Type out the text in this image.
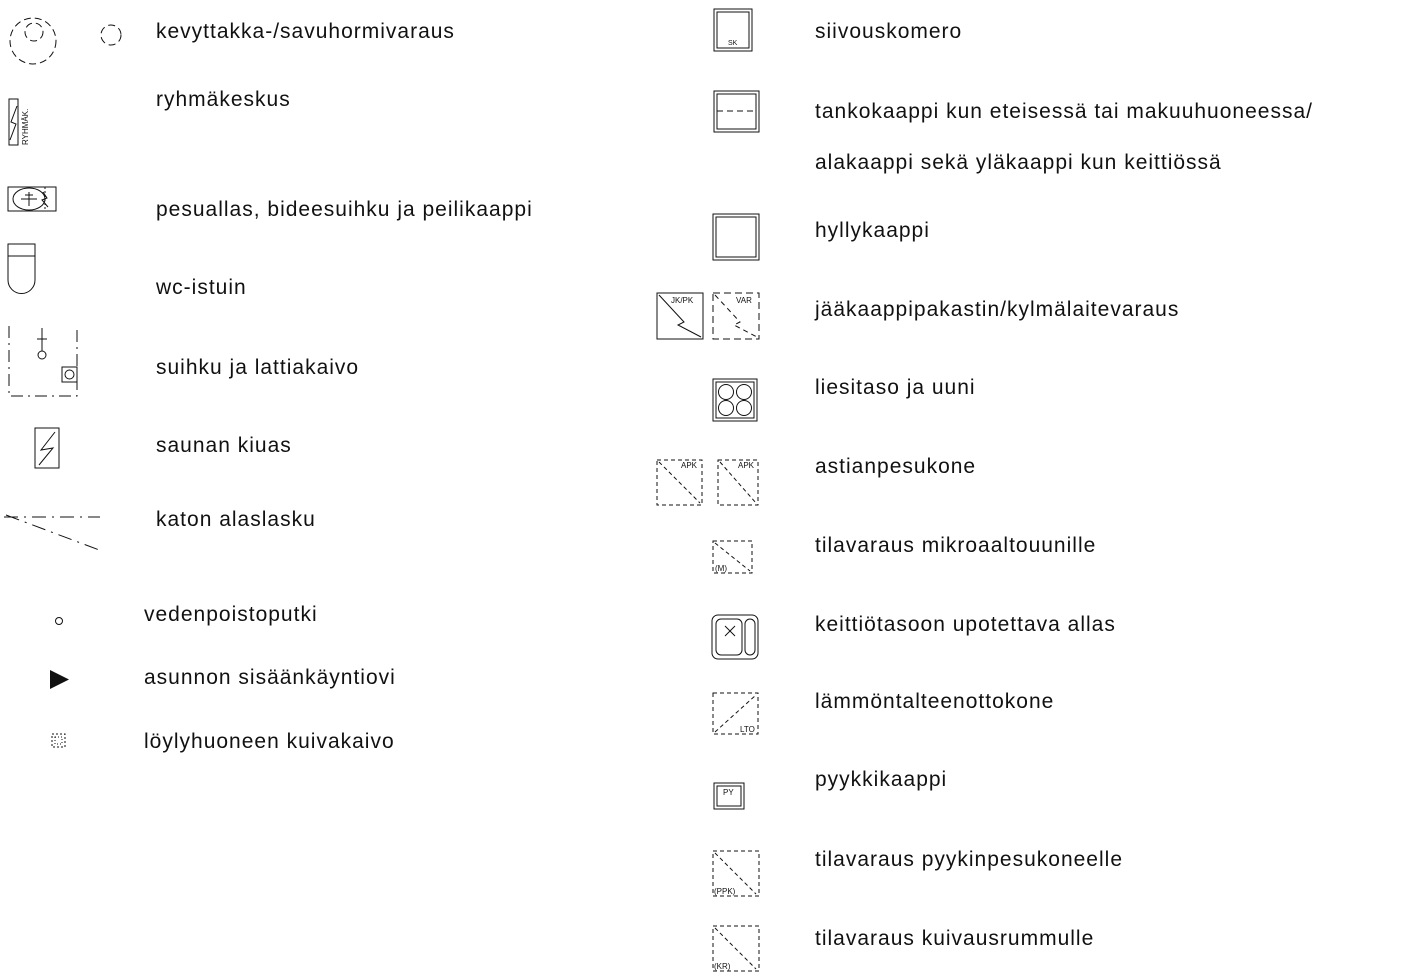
kevyttakka-/savuhormivaraus
RYHMÄK.
ryhmäkeskus
pesuallas, bideesuihku ja peilikaappi
wc-istuin
suihku ja lattiakaivo
saunan kiuas
katon alaslasku
vedenpoistoputki
asunnon sisäänkäyntiovi
löylyhuoneen kuivakaivo
SK
siivouskomero
tankokaappi kun eteisessä tai makuuhuoneessa/
alakaappi sekä yläkaappi kun keittiössä
hyllykaappi
JK/PK	VAR	jääkaappipakastin/kylmälaitevaraus
liesitaso ja uuni
APK	APK	astianpesukone
(M)
tilavaraus mikroaaltouunille
keittiötasoon upotettava allas
LTO
lämmöntalteenottokone
PY
pyykkikaappi
(PPK)
tilavaraus pyykinpesukoneelle
(KR)
tilavaraus kuivausrummulle
